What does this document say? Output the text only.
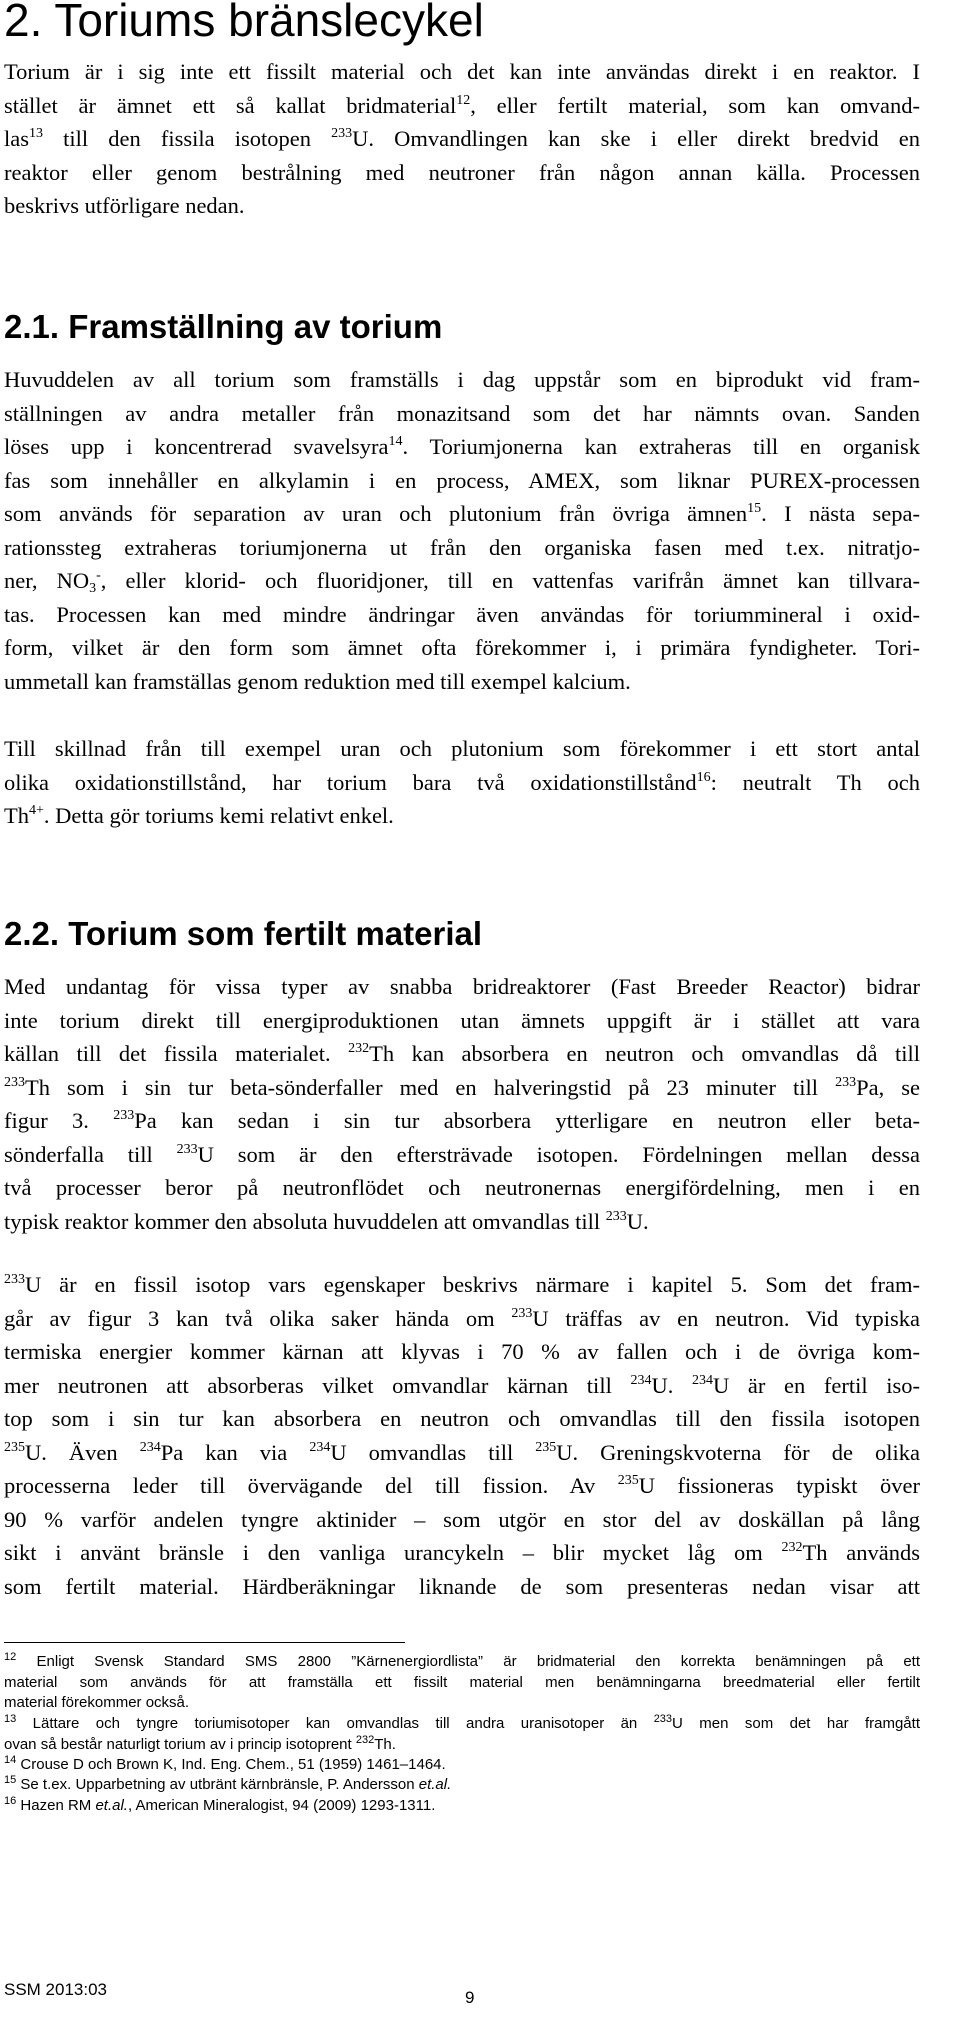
2. Toriums bränslecykel
Torium är i sig inte ett fissilt material och det kan inte användas direkt i en reaktor. I
stället är ämnet ett så kallat bridmaterial$^{12}$, eller fertilt material, som kan omvand-
las$^{13}$ till den fissila isotopen $^{233}$U. Omvandlingen kan ske i eller direkt bredvid en
reaktor eller genom bestrålning med neutroner från någon annan källa. Processen
beskrivs utförligare nedan.
2.1. Framställning av torium
Huvuddelen av all torium som framställs i dag uppstår som en biprodukt vid fram-
ställningen av andra metaller från monazitsand som det har nämnts ovan. Sanden
löses upp i koncentrerad svavelsyra$^{14}$. Toriumjonerna kan extraheras till en organisk
fas som innehåller en alkylamin i en process, AMEX, som liknar PUREX-processen
som används för separation av uran och plutonium från övriga ämnen$^{15}$. I nästa sepa-
rationssteg extraheras toriumjonerna ut från den organiska fasen med t.ex. nitratjo-
ner, $NO_3^-$, eller klorid- och fluoridjoner, till en vattenfas varifrån ämnet kan tillvara-
tas. Processen kan med mindre ändringar även användas för toriummineral i oxid-
form, vilket är den form som ämnet ofta förekommer i, i primära fyndigheter. Tori-
ummetall kan framställas genom reduktion med till exempel kalcium.
Till skillnad från till exempel uran och plutonium som förekommer i ett stort antal
olika oxidationstillstånd, har torium bara två oxidationstillstånd$^{16}$: neutralt Th och
$Th^{4+}$. Detta gör toriums kemi relativt enkel.
2.2. Torium som fertilt material
Med undantag för vissa typer av snabba bridreaktorer (Fast Breeder Reactor) bidrar
inte torium direkt till energiproduktionen utan ämnets uppgift är i stället att vara
källan till det fissila materialet. $^{232}$Th kan absorbera en neutron och omvandlas då till
$^{233}$Th som i sin tur beta-sönderfaller med en halveringstid på 23 minuter till $^{233}$Pa, se
figur 3. $^{233}$Pa kan sedan i sin tur absorbera ytterligare en neutron eller beta-
sönderfalla till $^{233}$U som är den eftersträvade isotopen. Fördelningen mellan dessa
två processer beror på neutronflödet och neutronernas energifördelning, men i en
typisk reaktor kommer den absoluta huvuddelen att omvandlas till $^{233}$U.
$^{233}$U är en fissil isotop vars egenskaper beskrivs närmare i kapitel 5. Som det fram-
går av figur 3 kan två olika saker hända om $^{233}$U träffas av en neutron. Vid typiska
termiska energier kommer kärnan att klyvas i 70 % av fallen och i de övriga kom-
mer neutronen att absorberas vilket omvandlar kärnan till $^{234}$U. $^{234}$U är en fertil iso-
top som i sin tur kan absorbera en neutron och omvandlas till den fissila isotopen
$^{235}$U. Även $^{234}$Pa kan via $^{234}$U omvandlas till $^{235}$U. Greningskvoterna för de olika
processerna leder till övervägande del till fission. Av $^{235}$U fissioneras typiskt över
90 % varför andelen tyngre aktinider – som utgör en stor del av doskällan på lång
sikt i använt bränsle i den vanliga urancykeln – blir mycket låg om $^{232}$Th används
som fertilt material. Härdberäkningar liknande de som presenteras nedan visar att
$^{12}$ Enligt Svensk Standard SMS 2800 ”Kärnenergiordlista” är bridmaterial den korrekta benämningen på ett
material som används för att framställa ett fissilt material men benämningarna breedmaterial eller fertilt
material förekommer också.
$^{13}$ Lättare och tyngre toriumisotoper kan omvandlas till andra uranisotoper än $^{233}$U men som det har framgått
ovan så består naturligt torium av i princip isotoprent $^{232}$Th.
$^{14}$ Crouse D och Brown K, Ind. Eng. Chem., 51 (1959) 1461–1464.
$^{15}$ Se t.ex. Upparbetning av utbränt kärnbränsle, P. Andersson et.al.
$^{16}$ Hazen RM et.al., American Mineralogist, 94 (2009) 1293-1311.
SSM 2013:03	9
